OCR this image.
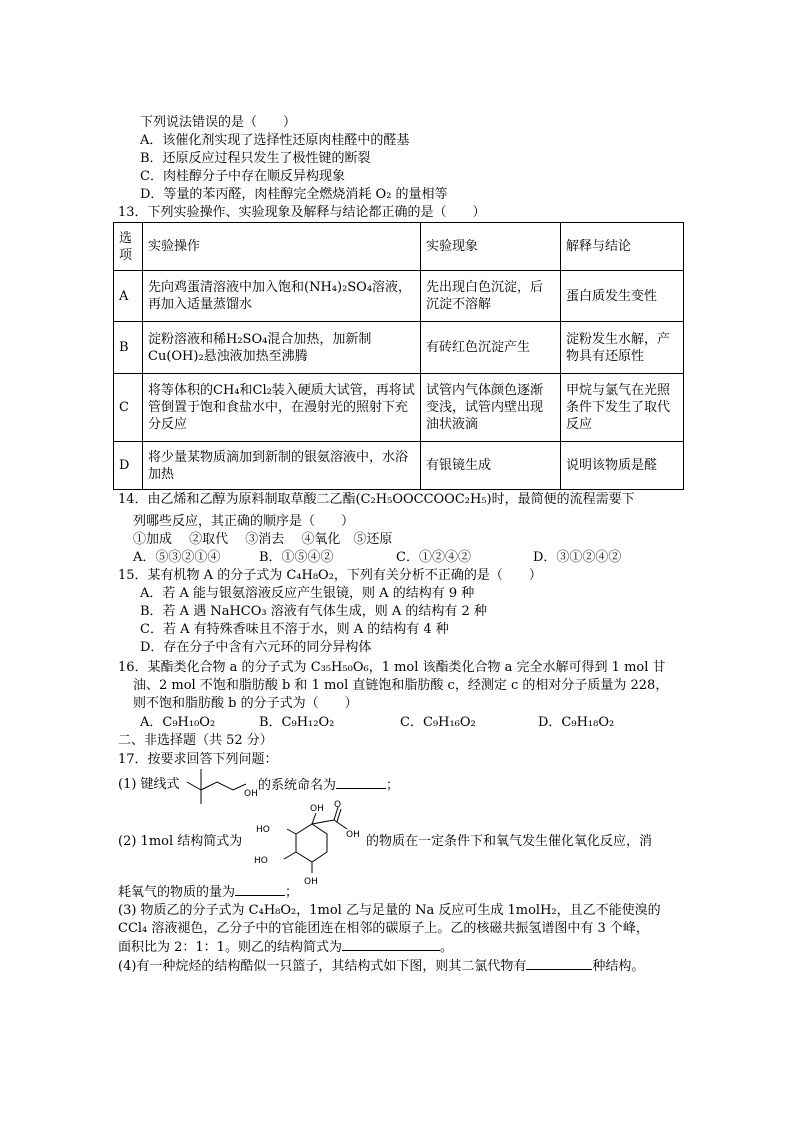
下列说法错误的是（　　）
A．该催化剂实现了选择性还原肉桂醛中的醛基
B．还原反应过程只发生了极性键的断裂
C．肉桂醇分子中存在顺反异构现象
D．等量的苯丙醛，肉桂醇完全燃烧消耗 O₂ 的量相等
13．下列实验操作、实验现象及解释与结论都正确的是（　　）
选项	实验操作	实验现象	解释与结论
A	先向鸡蛋清溶液中加入饱和(NH₄)₂SO₄溶液，再加入适量蒸馏水	先出现白色沉淀，后沉淀不溶解	蛋白质发生变性
B	淀粉溶液和稀H₂SO₄混合加热，加新制Cu(OH)₂悬浊液加热至沸腾	有砖红色沉淀产生	淀粉发生水解，产物具有还原性
C	将等体积的CH₄和Cl₂装入硬质大试管，再将试管倒置于饱和食盐水中，在漫射光的照射下充分反应	试管内气体颜色逐渐变浅，试管内壁出现油状液滴	甲烷与氯气在光照条件下发生了取代反应
D	将少量某物质滴加到新制的银氨溶液中，水浴加热	有银镜生成	说明该物质是醛
14．由乙烯和乙醇为原料制取草酸二乙酯(C₂H₅OOCCOOC₂H₅)时，最简便的流程需要下
列哪些反应，其正确的顺序是（　　）
①加成　 ②取代　 ③消去　 ④氧化　⑤还原
A．⑤③②①④	B．①⑤④②	C．①②④②	D．③①②④②
15．某有机物 A 的分子式为 C₄H₈O₂，下列有关分析不正确的是（　　）
A．若 A 能与银氨溶液反应产生银镜，则 A 的结构有 9 种
B．若 A 遇 NaHCO₃ 溶液有气体生成，则 A 的结构有 2 种
C．若 A 有特殊香味且不溶于水，则 A 的结构有 4 种
D．存在分子中含有六元环的同分异构体
16．某酯类化合物 a 的分子式为 C₃₅H₅₀O₆，1 mol 该酯类化合物 a 完全水解可得到 1 mol 甘
油、2 mol 不饱和脂肪酸 b 和 1 mol 直链饱和脂肪酸 c，经测定 c 的相对分子质量为 228，
则不饱和脂肪酸 b 的分子式为（　　）
A．C₉H₁₀O₂	B．C₉H₁₂O₂	C．C₉H₁₆O₂	D．C₉H₁₈O₂
二、非选择题（共 52 分）
17．按要求回答下列问题：
(1) 键线式
OH
的系统命名为	；
(2) 1mol 结构简式为
OH O
OH
HO
HO
OH
的物质在一定条件下和氧气发生催化氧化反应，消
耗氧气的物质的量为	；
(3) 物质乙的分子式为 C₄H₈O₂，1mol 乙与足量的 Na 反应可生成 1molH₂，且乙不能使溴的
CCl₄ 溶液褪色，乙分子中的官能团连在相邻的碳原子上。乙的核磁共振氢谱图中有 3 个峰，
面积比为 2：1：1。则乙的结构简式为	。
(4)有一种烷烃的结构酷似一只篮子，其结构式如下图，则其二氯代物有	种结构。
